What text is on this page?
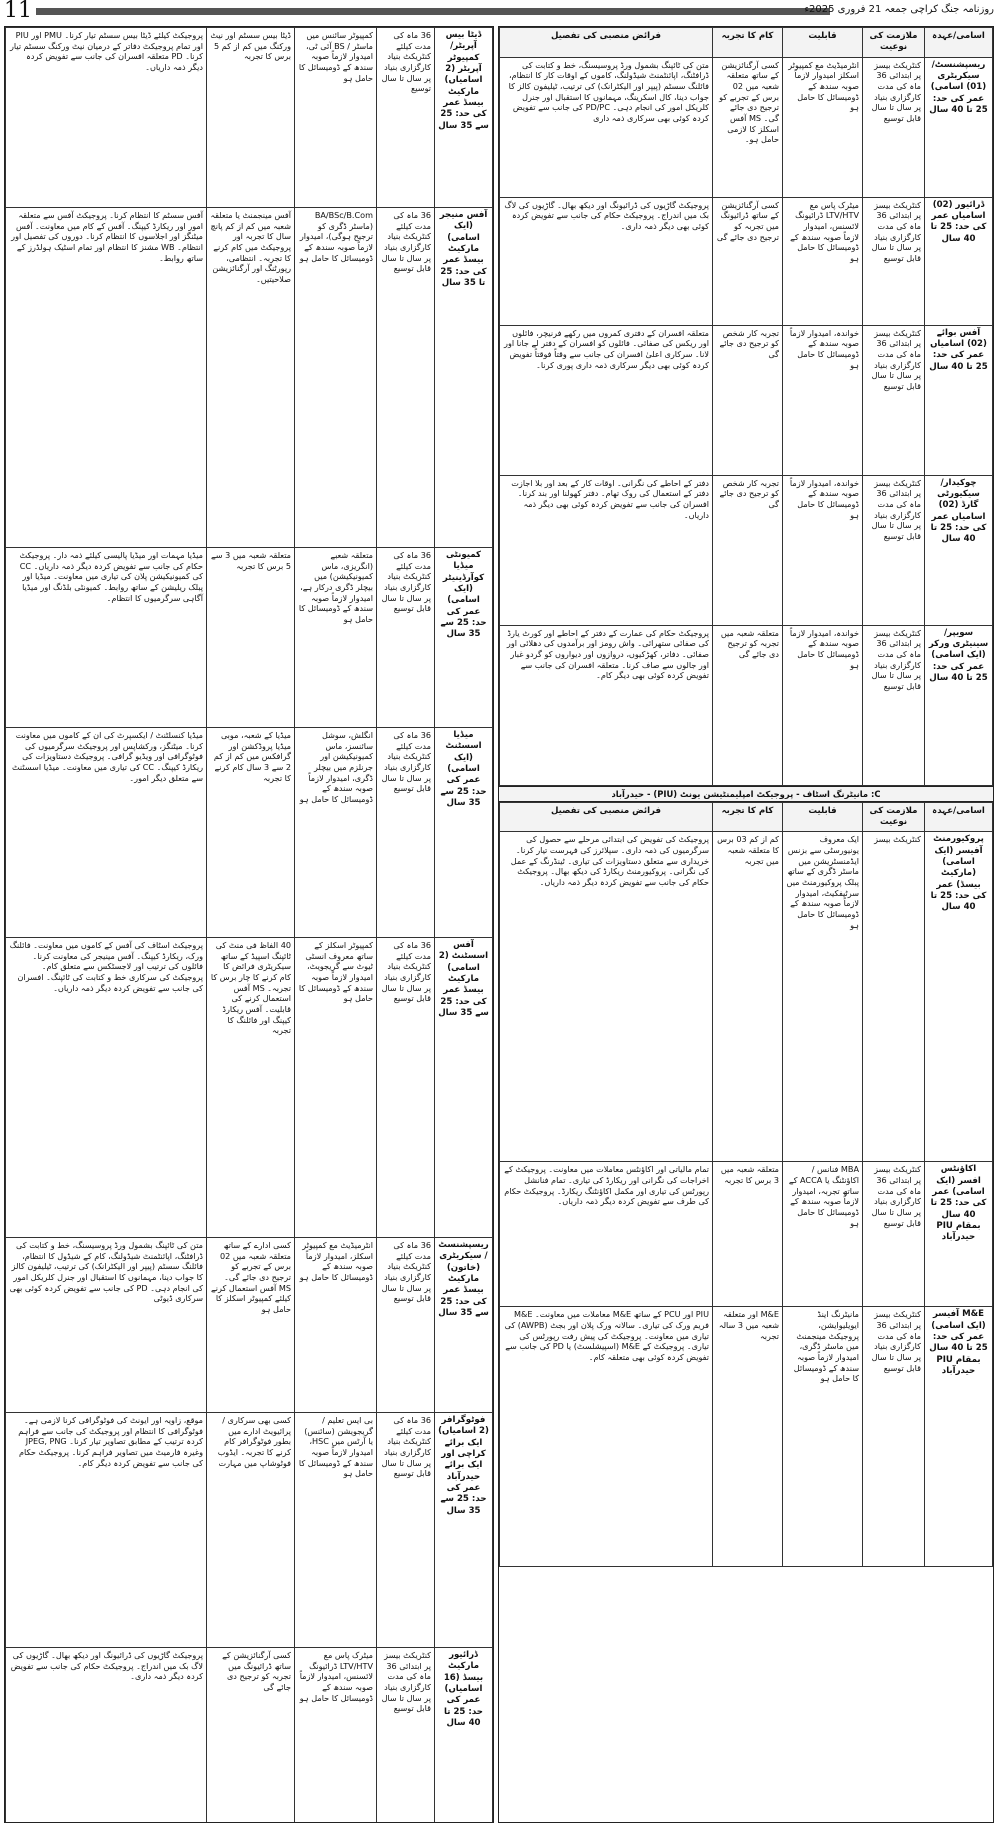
11	روزنامہ جنگ کراچی جمعہ 21 فروری 2025ء
اسامی/عہدہ	ملازمت کی نوعیت	قابلیت	کام کا تجربہ	فرائض منصبی کی تفصیل
ریسپشنسٹ/ سیکریٹری (01) اسامی) عمر کی حد: 25 تا 40 سال	کنٹریکٹ بیسز پر ابتدائی 36 ماہ کی مدت کارگزاری بنیاد پر سال تا سال قابل توسیع	انٹرمیڈیٹ مع کمپیوٹر اسکلز امیدوار لازماً صوبہ سندھ کے ڈومیسائل کا حامل ہو	کسی آرگنائزیشن کے ساتھ متعلقہ شعبہ میں 02 برس کے تجربے کو ترجیح دی جائے گی۔ MS آفس اسکلز کا لازمی حامل ہو۔	متن کی ٹائپنگ بشمول ورڈ پروسیسنگ، خط و کتابت کی ڈرافٹنگ، اپائنٹمنٹ شیڈولنگ، کاموں کے اوقات کار کا انتظام، فائلنگ سسٹم (پیپر اور الیکٹرانک) کی ترتیب، ٹیلیفون کالز کا جواب دینا، کال اسکرینگ، مہمانوں کا استقبال اور جنرل کلریکل امور کی انجام دہی۔ PD/PC کی جانب سے تفویض کردہ کوئی بھی سرکاری ذمہ داری
ڈرائیور (02) اسامیاں عمر کی حد: 25 تا 40 سال	کنٹریکٹ بیسز پر ابتدائی 36 ماہ کی مدت کارگزاری بنیاد پر سال تا سال قابل توسیع	میٹرک پاس مع LTV/HTV ڈرائیونگ لائسنس، امیدوار لازماً صوبہ سندھ کے ڈومیسائل کا حامل ہو	کسی آرگنائزیشن کے ساتھ ڈرائیونگ میں تجربہ کو ترجیح دی جائے گی	پروجیکٹ گاڑیوں کی ڈرائیونگ اور دیکھ بھال۔ گاڑیوں کی لاگ بک میں اندراج۔ پروجیکٹ حکام کی جانب سے تفویض کردہ کوئی بھی دیگر ذمہ داری۔
آفس بوائے (02) اسامیاں عمر کی حد: 25 تا 40 سال	کنٹریکٹ بیسز پر ابتدائی 36 ماہ کی مدت کارگزاری بنیاد پر سال تا سال قابل توسیع	خواندہ، امیدوار لازماً صوبہ سندھ کے ڈومیسائل کا حامل ہو	تجربہ کار شخص کو ترجیح دی جائے گی	متعلقہ افسران کے دفتری کمروں میں رکھے فرنیچر، فائلوں اور ریکس کی صفائی۔ فائلوں کو افسران کے دفتر لے جانا اور لانا۔ سرکاری اعلیٰ افسران کی جانب سے وقتاً فوقتاً تفویض کردہ کوئی بھی دیگر سرکاری ذمہ داری پوری کرنا۔
چوکیدار/سیکیورٹی گارڈ (02) اسامیاں عمر کی حد: 25 تا 40 سال	کنٹریکٹ بیسز پر ابتدائی 36 ماہ کی مدت کارگزاری بنیاد پر سال تا سال قابل توسیع	خواندہ، امیدوار لازماً صوبہ سندھ کے ڈومیسائل کا حامل ہو	تجربہ کار شخص کو ترجیح دی جائے گی	دفتر کے احاطے کی نگرانی۔ اوقات کار کے بعد اور بلا اجازت دفتر کے استعمال کی روک تھام۔ دفتر کھولنا اور بند کرنا۔ افسران کی جانب سے تفویض کردہ کوئی بھی دیگر ذمہ داریاں۔
سویپر/سینیٹری ورکر (ایک اسامی) عمر کی حد: 25 تا 40 سال	کنٹریکٹ بیسز پر ابتدائی 36 ماہ کی مدت کارگزاری بنیاد پر سال تا سال قابل توسیع	خواندہ، امیدوار لازماً صوبہ سندھ کے ڈومیسائل کا حامل ہو	متعلقہ شعبہ میں تجربہ کو ترجیح دی جائے گی	پروجیکٹ حکام کی عمارت کے دفتر کے احاطے اور کورٹ یارڈ کی صفائی ستھرائی۔ واش رومز اور برآمدوں کی دھلائی اور صفائی۔ دفاتر، کھڑکیوں، دروازوں اور دیواروں کو گردو غبار اور جالوں سے صاف کرنا۔ متعلقہ افسران کی جانب سے تفویض کردہ کوئی بھی دیگر کام۔
C: مانیٹرنگ اسٹاف - پروجیکٹ امپلیمنٹیشن یونٹ (PIU) - حیدرآباد
اسامی/عہدہ	ملازمت کی نوعیت	قابلیت	کام کا تجربہ	فرائض منصبی کی تفصیل
پروکیورمنٹ آفیسر (ایک اسامی) (مارکیٹ بیسڈ) عمر کی حد: 25 تا 40 سال	کنٹریکٹ بیسز	ایک معروف یونیورسٹی سے بزنس ایڈمنسٹریشن میں ماسٹر ڈگری کے ساتھ پبلک پروکیورمنٹ میں سرٹیفکیٹ، امیدوار لازماً صوبہ سندھ کے ڈومیسائل کا حامل ہو	کم از کم 03 برس کا متعلقہ شعبہ میں تجربہ	پروجیکٹ کی تفویض کی ابتدائی مرحلے سے حصول کی سرگرمیوں کی ذمہ داری۔ سپلائرز کی فہرست تیار کرنا۔ خریداری سے متعلق دستاویزات کی تیاری۔ ٹینڈرنگ کے عمل کی نگرانی۔ پروکیورمنٹ ریکارڈ کی دیکھ بھال۔ پروجیکٹ حکام کی جانب سے تفویض کردہ دیگر ذمہ داریاں۔
اکاؤنٹس افسر (ایک اسامی) عمر کی حد: 25 تا 40 سال بمقام PIU حیدرآباد	کنٹریکٹ بیسز پر ابتدائی 36 ماہ کی مدت کارگزاری بنیاد پر سال تا سال قابل توسیع	MBA فنانس / اکاؤنٹنگ یا ACCA کے ساتھ تجربہ، امیدوار لازماً صوبہ سندھ کے ڈومیسائل کا حامل ہو	متعلقہ شعبہ میں 3 برس کا تجربہ	تمام مالیاتی اور اکاؤنٹس معاملات میں معاونت۔ پروجیکٹ کے اخراجات کی نگرانی اور ریکارڈ کی تیاری۔ تمام فنانشل رپورٹس کی تیاری اور مکمل اکاؤنٹنگ ریکارڈ۔ پروجیکٹ حکام کی طرف سے تفویض کردہ دیگر ذمہ داریاں۔
M&E آفیسر (ایک اسامی) عمر کی حد: 25 تا 40 سال بمقام PIU حیدرآباد	کنٹریکٹ بیسز پر ابتدائی 36 ماہ کی مدت کارگزاری بنیاد پر سال تا سال قابل توسیع	مانیٹرنگ اینڈ ایویلیوایشن، پروجیکٹ مینجمنٹ میں ماسٹر ڈگری، امیدوار لازماً صوبہ سندھ کے ڈومیسائل کا حامل ہو	M&E اور متعلقہ شعبہ میں 3 سالہ تجربہ	PIU اور PCU کے ساتھ M&E معاملات میں معاونت۔ M&E فریم ورک کی تیاری۔ سالانہ ورک پلان اور بجٹ (AWPB) کی تیاری میں معاونت۔ پروجیکٹ کی پیش رفت رپورٹس کی تیاری۔ پروجیکٹ کے M&E (اسپیشلسٹ) یا PD کی جانب سے تفویض کردہ کوئی بھی متعلقہ کام۔
ڈیٹا بیس آپریٹر/ کمپیوٹر آپریٹر (2 اسامیاں) مارکیٹ بیسڈ عمر کی حد: 25 سے 35 سال	36 ماہ کی مدت کیلئے کنٹریکٹ بنیاد کارگزاری بنیاد پر سال تا سال توسیع	کمپیوٹر سائنس میں ماسٹر / BS آئی ٹی، امیدوار لازماً صوبہ سندھ کے ڈومیسائل کا حامل ہو	ڈیٹا بیس سسٹم اور نیٹ ورکنگ میں کم از کم 5 برس کا تجربہ	پروجیکٹ کیلئے ڈیٹا بیس سسٹم تیار کرنا۔ PMU اور PIU اور تمام پروجیکٹ دفاتر کے درمیان نیٹ ورکنگ سسٹم تیار کرنا۔ PD متعلقہ افسران کی جانب سے تفویض کردہ دیگر ذمہ داریاں۔
آفس منیجر (ایک اسامی) مارکیٹ بیسڈ عمر کی حد: 25 تا 35 سال	36 ماہ کی مدت کیلئے کنٹریکٹ بنیاد کارگزاری بنیاد پر سال تا سال قابل توسیع	BA/BSc/B.Com (ماسٹر ڈگری کو ترجیح ہوگی)، امیدوار لازماً صوبہ سندھ کے ڈومیسائل کا حامل ہو	آفس مینجمنٹ یا متعلقہ شعبہ میں کم از کم پانچ سال کا تجربہ اور پروجیکٹ میں کام کرنے کا تجربہ۔ انتظامی، رپورٹنگ اور آرگنائزیشن صلاحیتیں۔	آفس سسٹم کا انتظام کرنا۔ پروجیکٹ آفس سے متعلقہ امور اور ریکارڈ کیپنگ۔ آفس کے کام میں معاونت۔ آفس میٹنگز اور اجلاسوں کا انتظام کرنا۔ دوروں کی تفصیل اور انتظام۔ WB مشنز کا انتظام اور تمام اسٹیک ہولڈرز کے ساتھ روابط۔
کمیونٹی میڈیا کوآرڈینیٹر (ایک اسامی) عمر کی حد: 25 سے 35 سال	36 ماہ کی مدت کیلئے کنٹریکٹ بنیاد کارگزاری بنیاد پر سال تا سال قابل توسیع	متعلقہ شعبے (انگریزی، ماس کمیونیکیشن) میں بیچلر ڈگری درکار ہے، امیدوار لازماً صوبہ سندھ کے ڈومیسائل کا حامل ہو	متعلقہ شعبہ میں 3 سے 5 برس کا تجربہ	میڈیا مہمات اور میڈیا پالیسی کیلئے ذمہ دار۔ پروجیکٹ حکام کی جانب سے تفویض کردہ دیگر ذمہ داریاں۔ CC کی کمیونیکیشن پلان کی تیاری میں معاونت۔ میڈیا اور پبلک ریلیشن کے ساتھ روابط۔ کمیونٹی بلڈنگ اور میڈیا آگاہی سرگرمیوں کا انتظام۔
میڈیا اسسٹنٹ (ایک اسامی) عمر کی حد: 25 سے 35 سال	36 ماہ کی مدت کیلئے کنٹریکٹ بنیاد کارگزاری بنیاد پر سال تا سال قابل توسیع	انگلش، سوشل سائنسز، ماس کمیونیکیشن اور جرنلزم میں بیچلر ڈگری، امیدوار لازماً صوبہ سندھ کے ڈومیسائل کا حامل ہو	میڈیا کے شعبہ، موبی میڈیا پروڈکشن اور گرافکس میں کم از کم 2 سے 3 سال کام کرنے کا تجربہ	میڈیا کنسلٹنٹ / ایکسپرٹ کی ان کے کاموں میں معاونت کرنا۔ میٹنگز، ورکشاپس اور پروجیکٹ سرگرمیوں کی فوٹوگرافی اور ویڈیو گرافی۔ پروجیکٹ دستاویزات کی ریکارڈ کیپنگ۔ CC کی تیاری میں معاونت۔ میڈیا اسسٹنٹ سے متعلق دیگر امور۔
آفس اسسٹنٹ (2 اسامی) مارکیٹ بیسڈ عمر کی حد: 25 سے 35 سال	36 ماہ کی مدت کیلئے کنٹریکٹ بنیاد کارگزاری بنیاد پر سال تا سال قابل توسیع	کمپیوٹر اسکلز کے ساتھ معروف انسٹی ٹیوٹ سے گریجویٹ، امیدوار لازماً صوبہ سندھ کے ڈومیسائل کا حامل ہو	40 الفاظ فی منٹ کی ٹائپنگ اسپیڈ کے ساتھ سیکریٹری فرائض کا کام کرنے کا چار برس کا تجربہ۔ MS آفس استعمال کرنے کی قابلیت۔ آفس ریکارڈ کیپنگ اور فائلنگ کا تجربہ	پروجیکٹ اسٹاف کی آفس کے کاموں میں معاونت۔ فائلنگ ورک، ریکارڈ کیپنگ۔ آفس مینیجر کی معاونت کرنا۔ فائلوں کی ترتیب اور لاجسٹکس سے متعلق کام۔ پروجیکٹ کی سرکاری خط و کتابت کی ٹائپنگ۔ افسران کی جانب سے تفویض کردہ دیگر ذمہ داریاں۔
ریسپشنسٹ/ سیکریٹری (خاتون) مارکیٹ بیسڈ عمر کی حد: 25 سے 35 سال	36 ماہ کی مدت کیلئے کنٹریکٹ بنیاد کارگزاری بنیاد پر سال تا سال قابل توسیع	انٹرمیڈیٹ مع کمپیوٹر اسکلز، امیدوار لازماً صوبہ سندھ کے ڈومیسائل کا حامل ہو	کسی ادارے کے ساتھ متعلقہ شعبہ میں 02 برس کے تجربے کو ترجیح دی جائے گی۔ MS آفس استعمال کرنے کیلئے کمپیوٹر اسکلز کا حامل ہو	متن کی ٹائپنگ بشمول ورڈ پروسیسنگ، خط و کتابت کی ڈرافٹنگ، اپائنٹمنٹ شیڈولنگ، کام کے شیڈول کا انتظام، فائلنگ سسٹم (پیپر اور الیکٹرانک) کی ترتیب، ٹیلیفون کالز کا جواب دینا، مہمانوں کا استقبال اور جنرل کلریکل امور کی انجام دہی۔ PD کی جانب سے تفویض کردہ کوئی بھی سرکاری ڈیوٹی
فوٹوگرافر (2 اسامیاں) ایک برائے کراچی اور ایک برائے حیدرآباد عمر کی حد: 25 سے 35 سال	36 ماہ کی مدت کیلئے کنٹریکٹ بنیاد کارگزاری بنیاد پر سال تا سال قابل توسیع	بی ایس تعلیم / گریجویشن (سائنس) یا آرٹس میں HSC، امیدوار لازماً صوبہ سندھ کے ڈومیسائل کا حامل ہو	کسی بھی سرکاری / پرائیویٹ ادارے میں بطور فوٹوگرافر کام کرنے کا تجربہ۔ ایڈوب فوٹوشاپ میں مہارت	موقع، زاویہ اور ایونٹ کی فوٹوگرافی کرنا لازمی ہے۔ فوٹوگرافی کا انتظام اور پروجیکٹ کی جانب سے فراہم کردہ ترتیب کے مطابق تصاویر تیار کرنا۔ JPEG, PNG وغیرہ فارمیٹ میں تصاویر فراہم کرنا۔ پروجیکٹ حکام کی جانب سے تفویض کردہ دیگر کام۔
ڈرائیور مارکیٹ بیسڈ (16 اسامیاں) عمر کی حد: 25 تا 40 سال	کنٹریکٹ بیسز پر ابتدائی 36 ماہ کی مدت کارگزاری بنیاد پر سال تا سال قابل توسیع	میٹرک پاس مع LTV/HTV ڈرائیونگ لائسنس، امیدوار لازماً صوبہ سندھ کے ڈومیسائل کا حامل ہو	کسی آرگنائزیشن کے ساتھ ڈرائیونگ میں تجربہ کو ترجیح دی جائے گی	پروجیکٹ گاڑیوں کی ڈرائیونگ اور دیکھ بھال۔ گاڑیوں کی لاگ بک میں اندراج۔ پروجیکٹ حکام کی جانب سے تفویض کردہ دیگر ذمہ داری۔
